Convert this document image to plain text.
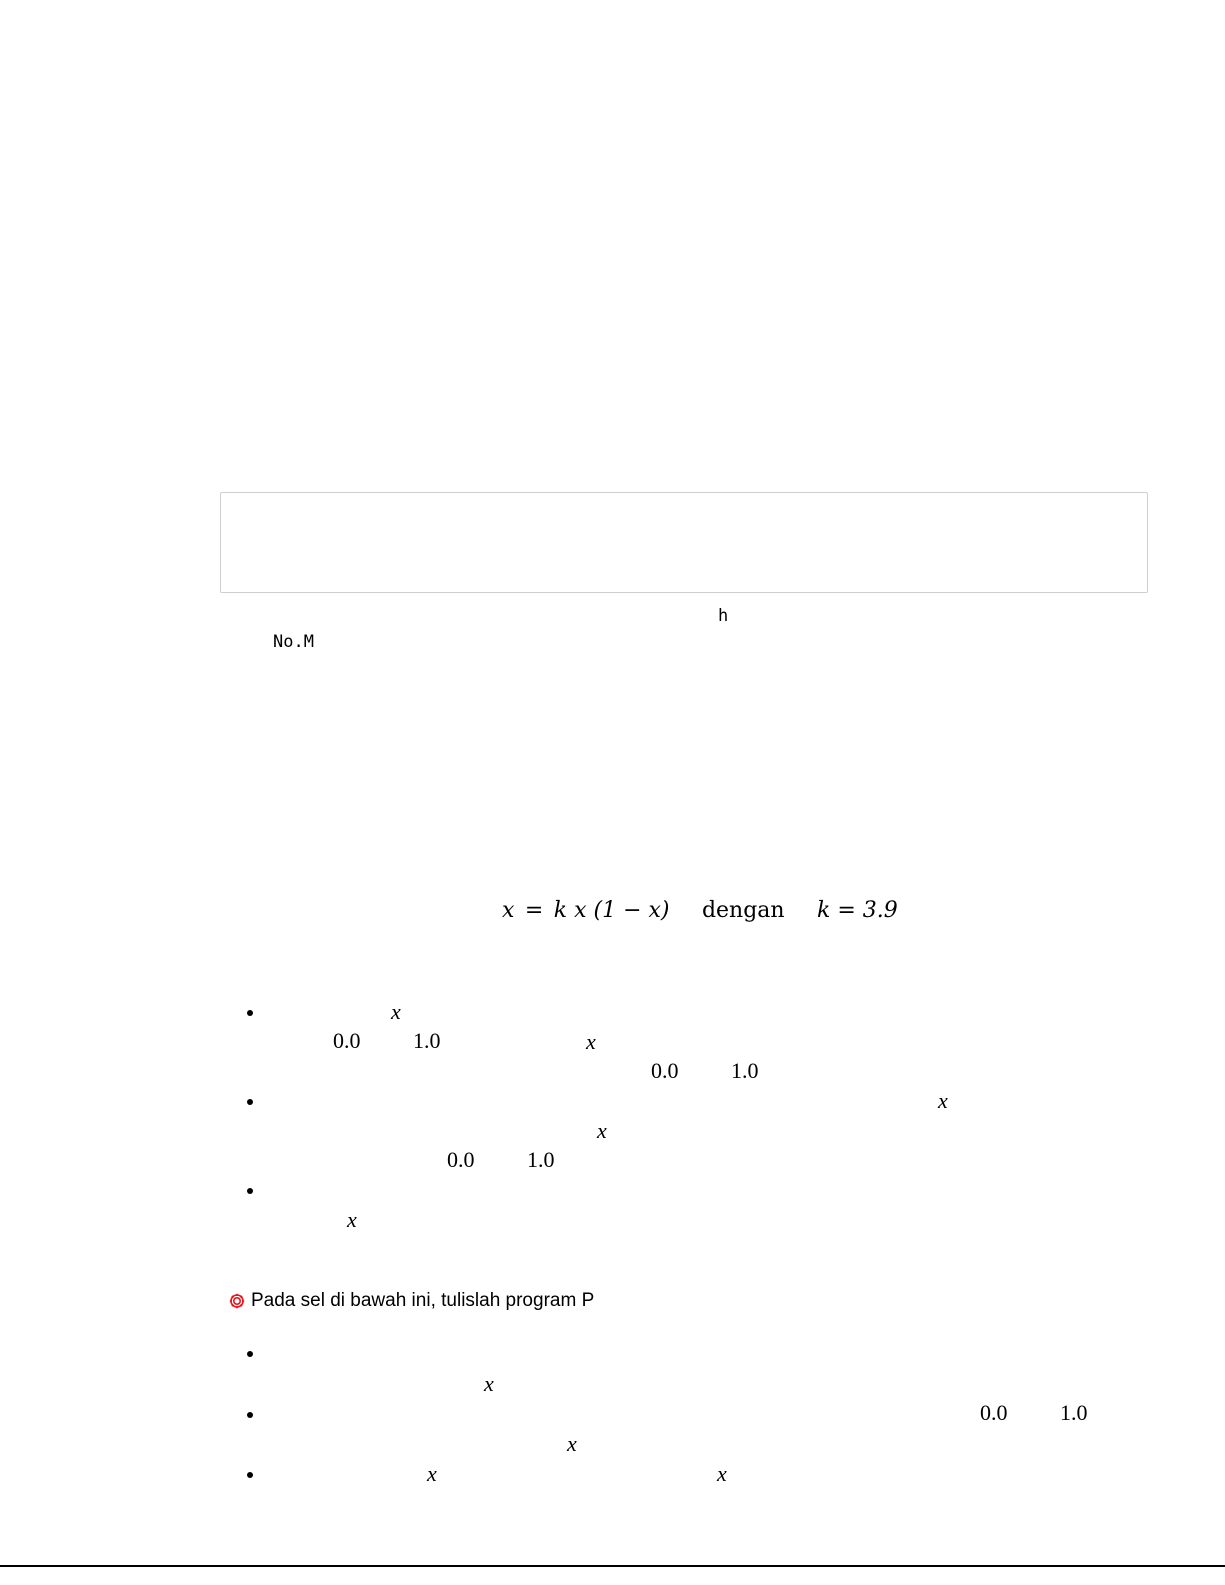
h
No.M
x = k x (1 − x) dengan k = 3.9
x
0.0 1.0	x
0.0 1.0
x
x
0.0 1.0
x
Pada sel di bawah ini, tulislah program P
x
0.0 1.0
x
x	x
